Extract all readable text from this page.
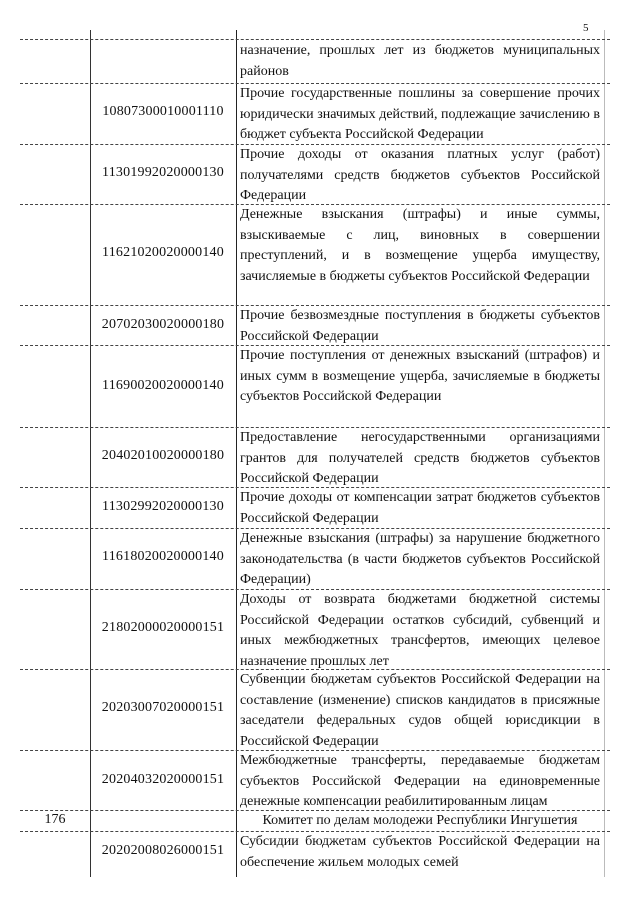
5
назначение, прошлых лет из бюджетов муниципальных районов
10807300010001110
Прочие государственные пошлины за совершение прочих юридически значимых действий, подлежащие зачислению в бюджет субъекта Российской Федерации
11301992020000130
Прочие доходы от оказания платных услуг (работ) получателями средств бюджетов субъектов Российской Федерации
11621020020000140
Денежные взыскания (штрафы) и иные суммы, взыскиваемые с лиц, виновных в совершении преступлений, и в возмещение ущерба имуществу, зачисляемые в бюджеты субъектов Российской Федерации
20702030020000180
Прочие безвозмездные поступления в бюджеты субъектов Российской Федерации
11690020020000140
Прочие поступления от денежных взысканий (штрафов) и иных сумм в возмещение ущерба, зачисляемые в бюджеты субъектов Российской Федерации
20402010020000180
Предоставление негосударственными организациями грантов для получателей средств бюджетов субъектов Российской Федерации
11302992020000130
Прочие доходы от компенсации затрат бюджетов субъектов Российской Федерации
11618020020000140
Денежные взыскания (штрафы) за нарушение бюджетного законодательства (в части бюджетов субъектов Российской Федерации)
21802000020000151
Доходы от возврата бюджетами бюджетной системы Российской Федерации остатков субсидий, субвенций и иных межбюджетных трансфертов, имеющих целевое назначение прошлых лет
20203007020000151
Субвенции бюджетам субъектов Российской Федерации на составление (изменение) списков кандидатов в присяжные заседатели федеральных судов общей юрисдикции в Российской Федерации
20204032020000151
Межбюджетные трансферты, передаваемые бюджетам субъектов Российской Федерации на единовременные денежные компенсации реабилитированным лицам
176	Комитет по делам молодежи Республики Ингушетия
20202008026000151
Субсидии бюджетам субъектов Российской Федерации на обеспечение жильем молодых семей
